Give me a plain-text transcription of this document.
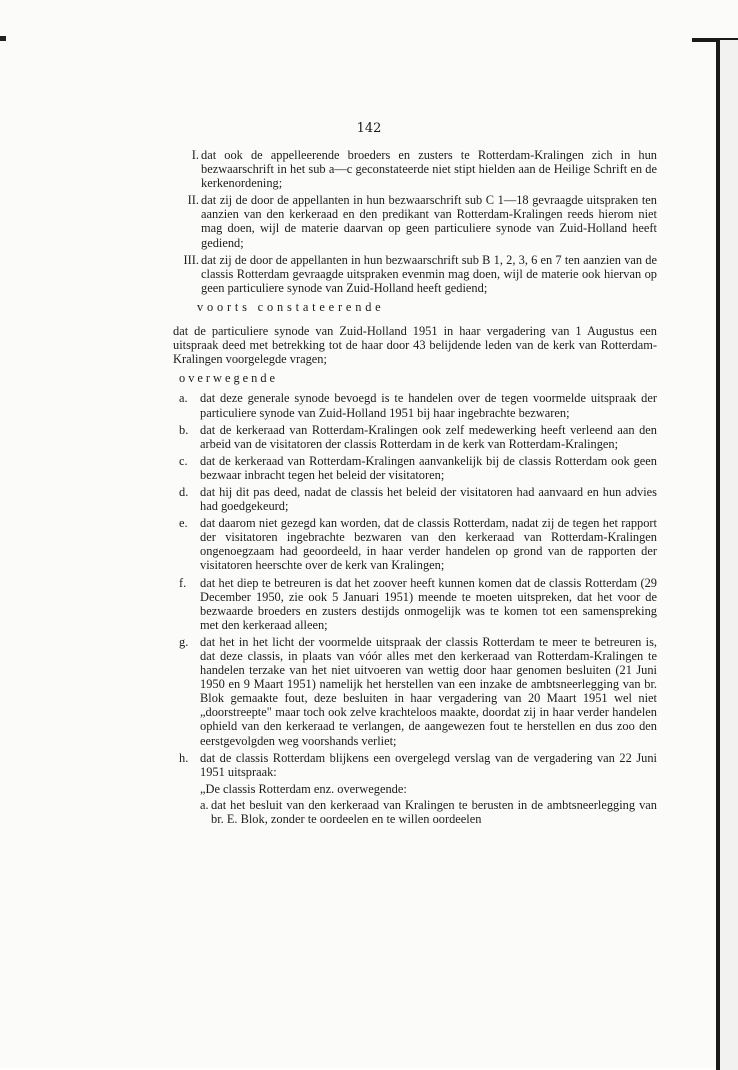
142
I. dat ook de appelleerende broeders en zusters te Rotterdam-Kralingen zich in hun bezwaarschrift in het sub a—c geconstateerde niet stipt hielden aan de Heilige Schrift en de kerkenordening;

II. dat zij de door de appellanten in hun bezwaarschrift sub C 1—18 gevraagde uitspraken ten aanzien van den kerkeraad en den predikant van Rotterdam-Kralingen reeds hierom niet mag doen, wijl de materie daarvan op geen particuliere synode van Zuid-Holland heeft gediend;

III. dat zij de door de appellanten in hun bezwaarschrift sub B 1, 2, 3, 6 en 7 ten aanzien van de classis Rotterdam gevraagde uitspraken evenmin mag doen, wijl de materie ook hiervan op geen particuliere synode van Zuid-Holland heeft gediend;

voorts constateerende

dat de particuliere synode van Zuid-Holland 1951 in haar vergadering van 1 Augustus een uitspraak deed met betrekking tot de haar door 43 belijdende leden van de kerk van Rotterdam-Kralingen voorgelegde vragen;

overwegende
a. dat deze generale synode bevoegd is te handelen over de tegen voormelde uitspraak der particuliere synode van Zuid-Holland 1951 bij haar ingebrachte bezwaren;

b. dat de kerkeraad van Rotterdam-Kralingen ook zelf medewerking heeft verleend aan den arbeid van de visitatoren der classis Rotterdam in de kerk van Rotterdam-Kralingen;

c. dat de kerkeraad van Rotterdam-Kralingen aanvankelijk bij de classis Rotterdam ook geen bezwaar inbracht tegen het beleid der visitatoren;

d. dat hij dit pas deed, nadat de classis het beleid der visitatoren had aanvaard en hun advies had goedgekeurd;

e. dat daarom niet gezegd kan worden, dat de classis Rotterdam, nadat zij de tegen het rapport der visitatoren ingebrachte bezwaren van den kerkeraad van Rotterdam-Kralingen ongenoegzaam had geoordeeld, in haar verder handelen op grond van de rapporten der visitatoren heerschte over de kerk van Kralingen;

f. dat het diep te betreuren is dat het zoover heeft kunnen komen dat de classis Rotterdam (29 December 1950, zie ook 5 Januari 1951) meende te moeten uitspreken, dat het voor de bezwaarde broeders en zusters destijds onmogelijk was te komen tot een samenspreking met den kerkeraad alleen;

g. dat het in het licht der voormelde uitspraak der classis Rotterdam te meer te betreuren is, dat deze classis, in plaats van vóór alles met den kerkeraad van Rotterdam-Kralingen te handelen terzake van het niet uitvoeren van wettig door haar genomen besluiten (21 Juni 1950 en 9 Maart 1951) namelijk het herstellen van een inzake de ambtsneerlegging van br. Blok gemaakte fout, deze besluiten in haar vergadering van 20 Maart 1951 wel niet „doorstreepte" maar toch ook zelve krachteloos maakte, doordat zij in haar verder handelen ophield van den kerkeraad te verlangen, de aangewezen fout te herstellen en dus zoo den eerstgevolgden weg voorshands verliet;

h. dat de classis Rotterdam blijkens een overgelegd verslag van de vergadering van 22 Juni 1951 uitspraak:

„De classis Rotterdam enz. overwegende:

a. dat het besluit van den kerkeraad van Kralingen te berusten in de ambtsneerlegging van br. E. Blok, zonder te oordeelen en te willen oordeelen
